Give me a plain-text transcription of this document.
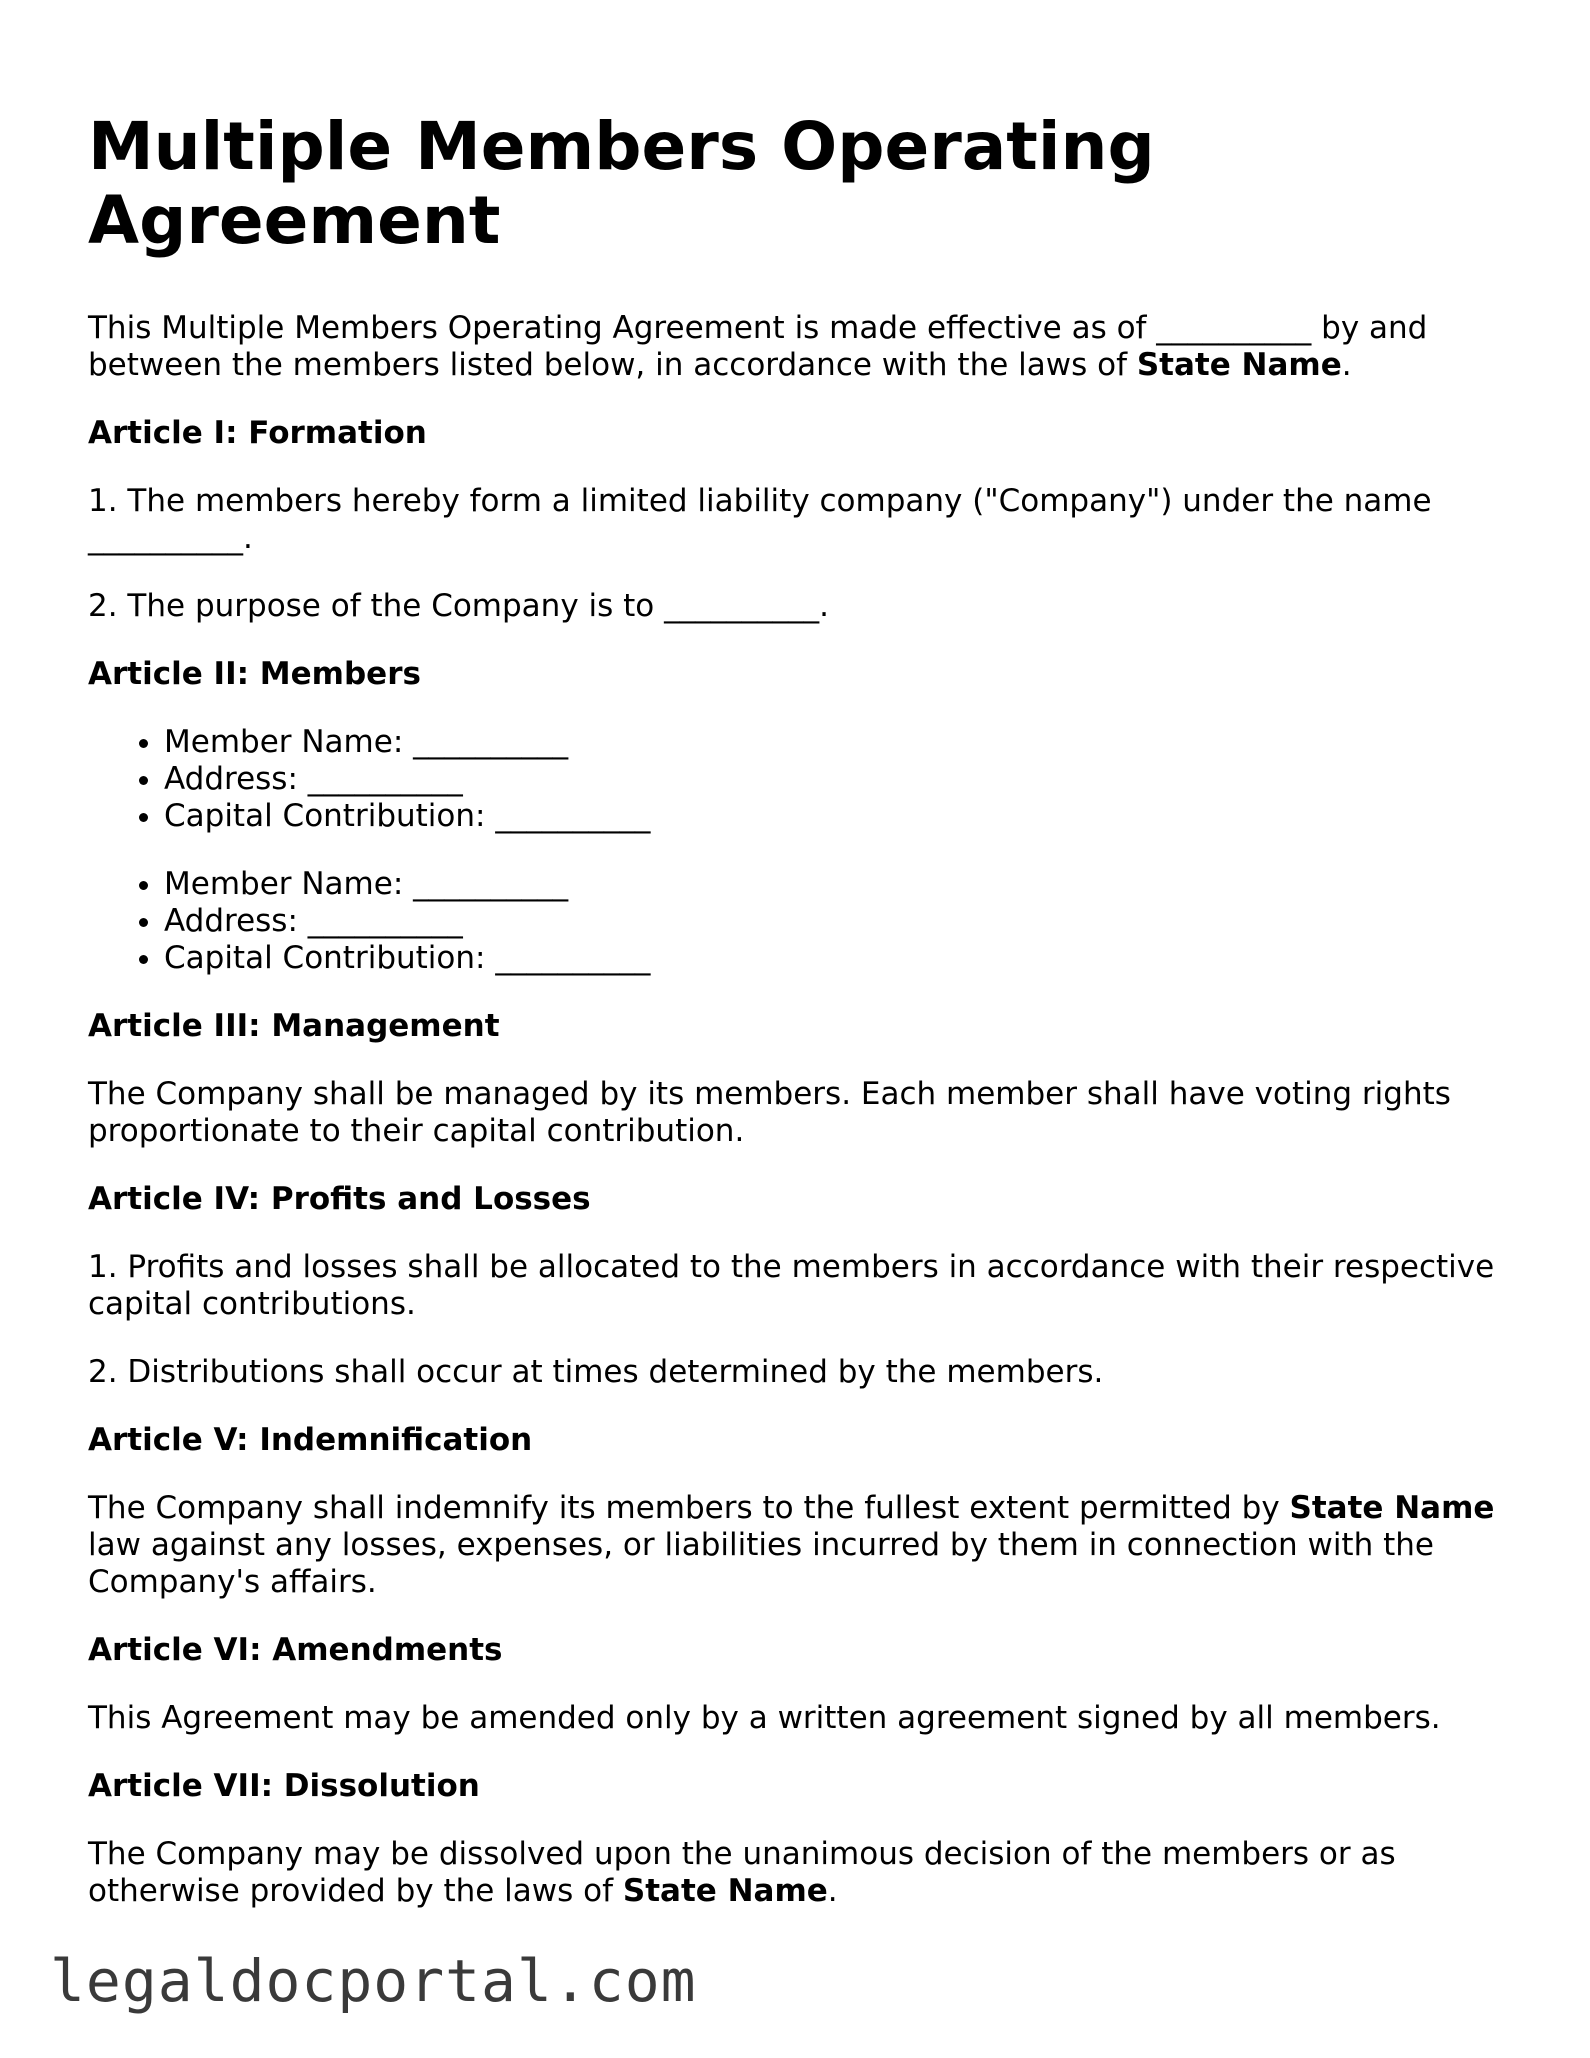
Multiple Members Operating Agreement

This Multiple Members Operating Agreement is made effective as of __________ by and between the members listed below, in accordance with the laws of State Name.

Article I: Formation

1. The members hereby form a limited liability company ("Company") under the name __________.

2. The purpose of the Company is to __________.

Article II: Members
• Member Name: __________
• Address: __________
• Capital Contribution: __________
• Member Name: __________
• Address: __________
• Capital Contribution: __________
Article III: Management

The Company shall be managed by its members. Each member shall have voting rights proportionate to their capital contribution.

Article IV: Profits and Losses

1. Profits and losses shall be allocated to the members in accordance with their respective capital contributions.

2. Distributions shall occur at times determined by the members.

Article V: Indemnification

The Company shall indemnify its members to the fullest extent permitted by State Name law against any losses, expenses, or liabilities incurred by them in connection with the Company's affairs.

Article VI: Amendments

This Agreement may be amended only by a written agreement signed by all members.

Article VII: Dissolution

The Company may be dissolved upon the unanimous decision of the members or as otherwise provided by the laws of State Name.

legaldocportal.com
